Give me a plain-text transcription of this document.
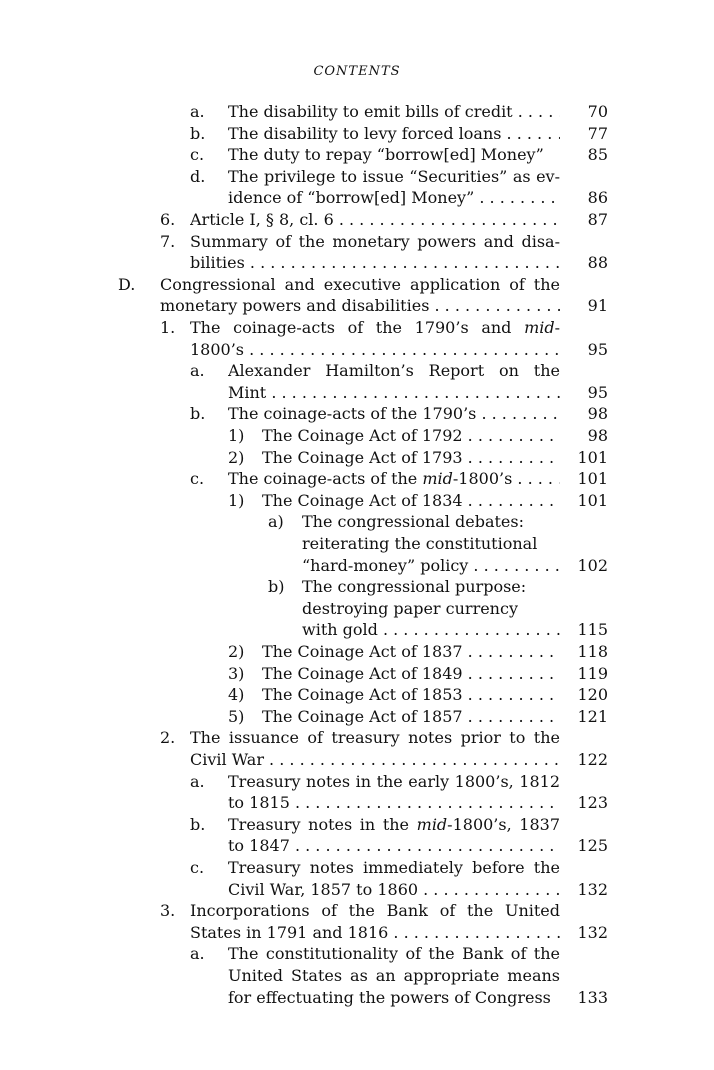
CONTENTS
a. The disability to emit bills of credit . . .	70
b. The disability to levy forced loans . . .	77
c. The duty to repay “borrow[ed] Money”	85
d. The privilege to issue “Securities” as ev-
idence of “borrow[ed] Money” . . .	86
6. Article I, § 8, cl. 6 . . .	87
7. Summary of the monetary powers and disa-
bilities . . .	88
D. Congressional and executive application of the
monetary powers and disabilities . . .	91
1. The coinage-acts of the 1790’s and mid-
1800’s . . .	95
a. Alexander Hamilton’s Report on the
Mint . . .	95
b. The coinage-acts of the 1790’s . . .	98
1) The Coinage Act of 1792 . . .	98
2) The Coinage Act of 1793 . . .	101
c. The coinage-acts of the mid-1800’s . . .	101
1) The Coinage Act of 1834 . . .	101
a) The congressional debates:
reiterating the constitutional
“hard-money” policy . . .	102
b) The congressional purpose:
destroying paper currency
with gold . . .	115
2) The Coinage Act of 1837 . . .	118
3) The Coinage Act of 1849 . . .	119
4) The Coinage Act of 1853 . . .	120
5) The Coinage Act of 1857 . . .	121
2. The issuance of treasury notes prior to the
Civil War . . .	122
a. Treasury notes in the early 1800’s, 1812
to 1815 . . .	123
b. Treasury notes in the mid-1800’s, 1837
to 1847 . . .	125
c. Treasury notes immediately before the
Civil War, 1857 to 1860 . . .	132
3. Incorporations of the Bank of the United
States in 1791 and 1816 . . .	132
a. The constitutionality of the Bank of the
United States as an appropriate means
for effectuating the powers of Congress	133
